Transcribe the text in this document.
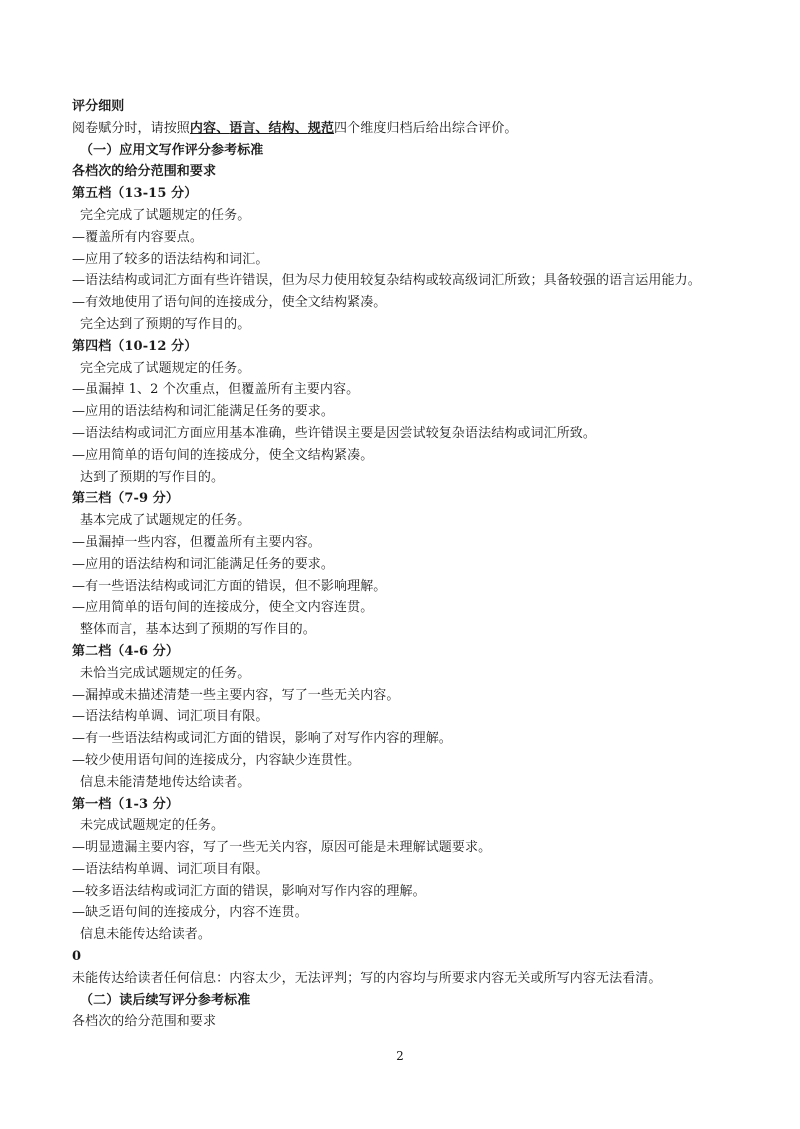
评分细则
阅卷赋分时，请按照内容、语言、结构、规范四个维度归档后给出综合评价。
（一）应用文写作评分参考标准
各档次的给分范围和要求
第五档（13-15 分）
完全完成了试题规定的任务。
—覆盖所有内容要点。
—应用了较多的语法结构和词汇。
—语法结构或词汇方面有些许错误，但为尽力使用较复杂结构或较高级词汇所致；具备较强的语言运用能力。
—有效地使用了语句间的连接成分，使全文结构紧凑。
完全达到了预期的写作目的。
第四档（10-12 分）
完全完成了试题规定的任务。
—虽漏掉 1、2 个次重点，但覆盖所有主要内容。
—应用的语法结构和词汇能满足任务的要求。
—语法结构或词汇方面应用基本准确，些许错误主要是因尝试较复杂语法结构或词汇所致。
—应用简单的语句间的连接成分，使全文结构紧凑。
达到了预期的写作目的。
第三档（7-9 分）
基本完成了试题规定的任务。
—虽漏掉一些内容，但覆盖所有主要内容。
—应用的语法结构和词汇能满足任务的要求。
—有一些语法结构或词汇方面的错误，但不影响理解。
—应用简单的语句间的连接成分，使全文内容连贯。
整体而言，基本达到了预期的写作目的。
第二档（4-6 分）
未恰当完成试题规定的任务。
—漏掉或未描述清楚一些主要内容，写了一些无关内容。
—语法结构单调、词汇项目有限。
—有一些语法结构或词汇方面的错误，影响了对写作内容的理解。
—较少使用语句间的连接成分，内容缺少连贯性。
信息未能清楚地传达给读者。
第一档（1-3 分）
未完成试题规定的任务。
—明显遗漏主要内容，写了一些无关内容，原因可能是未理解试题要求。
—语法结构单调、词汇项目有限。
—较多语法结构或词汇方面的错误，影响对写作内容的理解。
—缺乏语句间的连接成分，内容不连贯。
信息未能传达给读者。
0
未能传达给读者任何信息：内容太少，无法评判；写的内容均与所要求内容无关或所写内容无法看清。
（二）读后续写评分参考标准
各档次的给分范围和要求
2
